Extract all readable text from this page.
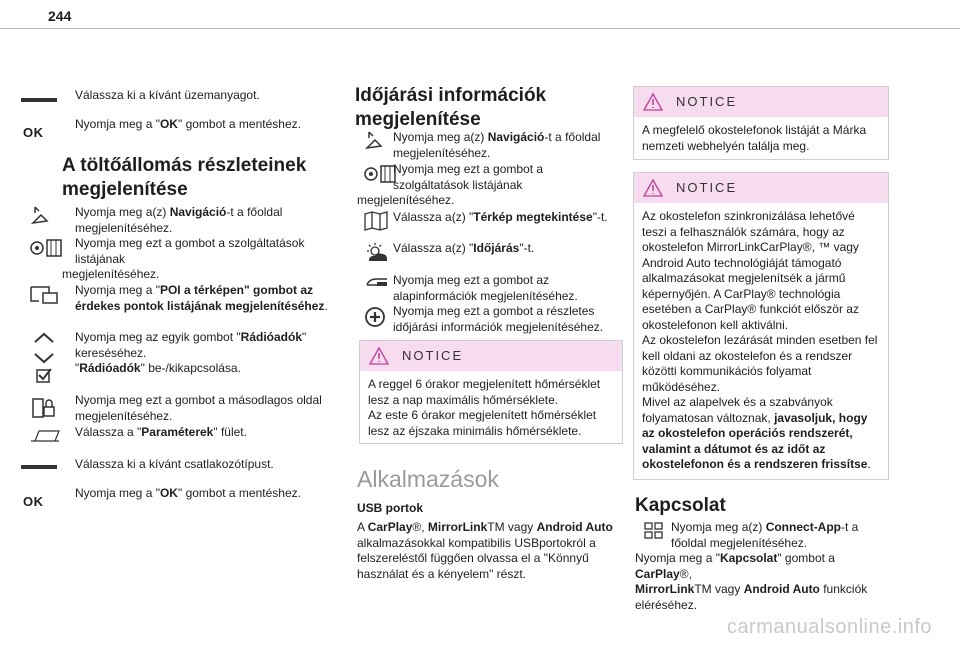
244
Válassza ki a kívánt üzemanyagot.
OK
Nyomja meg a "OK" gombot a mentéshez.
A töltőállomás részleteinek megjelenítése
Nyomja meg a(z) Navigáció-t a főoldal megjelenítéséhez.
Nyomja meg ezt a gombot a szolgáltatások listájának
megjelenítéséhez.
Nyomja meg a "POI a térképen" gombot az érdekes pontok listájának megjelenítéséhez.
Nyomja meg az egyik gombot "Rádióadók" kereséséhez.
"Rádióadók" be-/kikapcsolása.
Nyomja meg ezt a gombot a másodlagos oldal megjelenítéséhez.
Válassza a "Paraméterek" fület.
Válassza ki a kívánt csatlakozótípust.
OK
Nyomja meg a "OK" gombot a mentéshez.
Időjárási információk megjelenítése
Nyomja meg a(z) Navigáció-t a főoldal megjelenítéséhez.
Nyomja meg ezt a gombot a szolgáltatások listájának
megjelenítéséhez.
Válassza a(z) "Térkép megtekintése"-t.
Válassza a(z) "Időjárás"-t.
Nyomja meg ezt a gombot az alapinformációk megjelenítéséhez.
Nyomja meg ezt a gombot a részletes időjárási információk megjelenítéséhez.
NOTICE
A reggel 6 órakor megjelenített hőmérséklet lesz a nap maximális hőmérséklete.
Az este 6 órakor megjelenített hőmérséklet lesz az éjszaka minimális hőmérséklete.
Alkalmazások
USB portok
A CarPlay®, MirrorLinkTM vagy Android Auto alkalmazásokkal kompatibilis USBportokról a felszereléstől függően olvassa el a "Könnyű használat és a kényelem" részt.
NOTICE
A megfelelő okostelefonok listáját a Márka nemzeti webhelyén találja meg.
NOTICE
Az okostelefon szinkronizálása lehetővé teszi a felhasználók számára, hogy az okostelefon MirrorLinkCarPlay®, ™ vagy Android Auto technológiáját támogató alkalmazásokat megjelenítsék a jármű képernyőjén. A CarPlay® technológia esetében a CarPlay® funkciót először az okostelefonon kell aktiválni.
Az okostelefon lezárását minden esetben fel kell oldani az okostelefon és a rendszer közötti kommunikációs folyamat működéséhez.
Mivel az alapelvek és a szabványok folyamatosan változnak, javasoljuk, hogy az okostelefon operációs rendszerét, valamint a dátumot és az időt az okostelefonon és a rendszeren frissítse.
Kapcsolat
Nyomja meg a(z) Connect-App-t a főoldal megjelenítéséhez.
Nyomja meg a "Kapcsolat" gombot a CarPlay®,
MirrorLinkTM vagy Android Auto funkciók eléréséhez.
carmanualsonline.info
